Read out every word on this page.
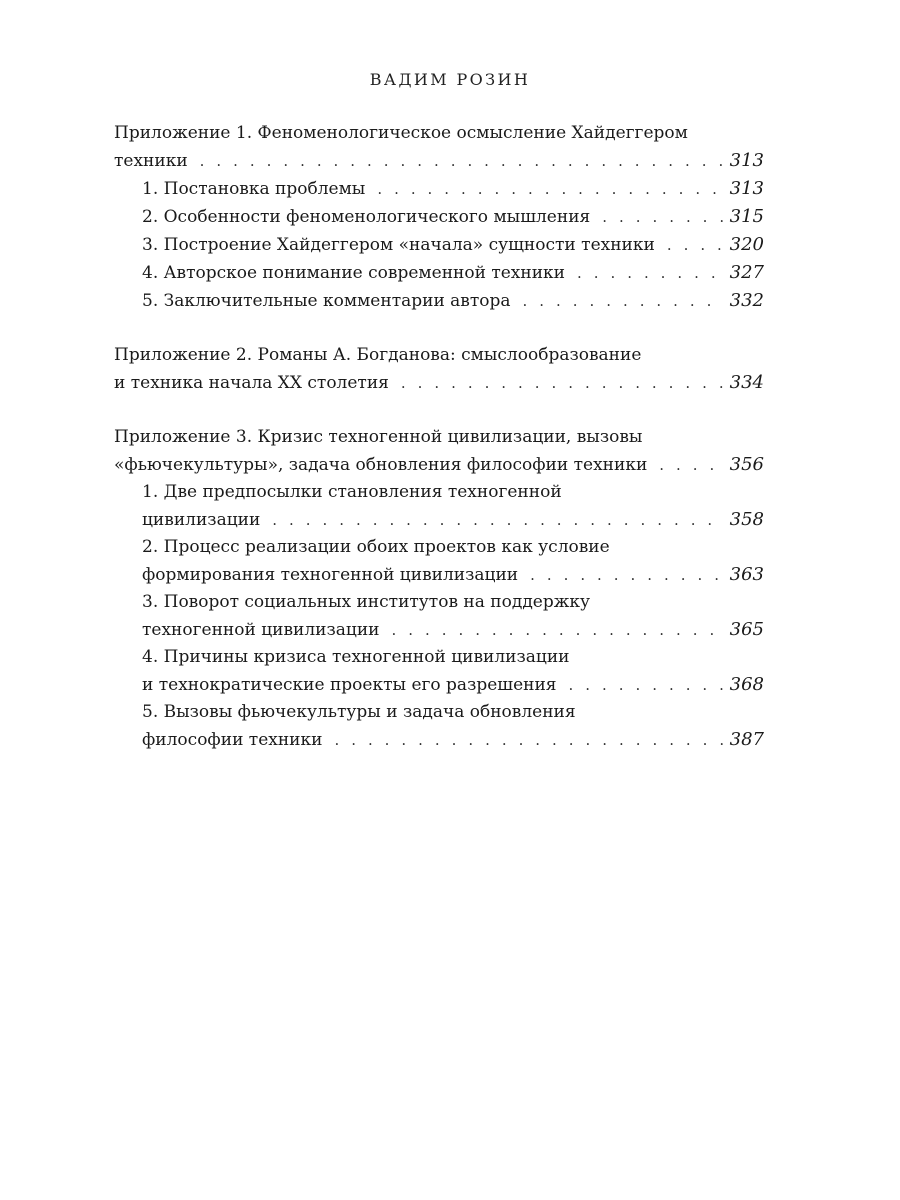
ВАДИМ РОЗИН
Приложение 1. Феноменологическое осмысление Хайдеггером
техники . . .	313
1. Постановка проблемы . . .	313
2. Особенности феноменологического мышления . . .	315
3. Построение Хайдеггером «начала» сущности техники . . .	320
4. Авторское понимание современной техники . . .	327
5. Заключительные комментарии автора . . .	332
Приложение 2. Романы А. Богданова: смыслообразование
и техника начала XX столетия . . .	334
Приложение 3. Кризис техногенной цивилизации, вызовы
«фьючекультуры», задача обновления философии техники . . .	356
1. Две предпосылки становления техногенной
цивилизации . . .	358
2. Процесс реализации обоих проектов как условие
формирования техногенной цивилизации . . .	363
3. Поворот социальных институтов на поддержку
техногенной цивилизации . . .	365
4. Причины кризиса техногенной цивилизации
и технократические проекты его разрешения . . .	368
5. Вызовы фьючекультуры и задача обновления
философии техники . . .	387
